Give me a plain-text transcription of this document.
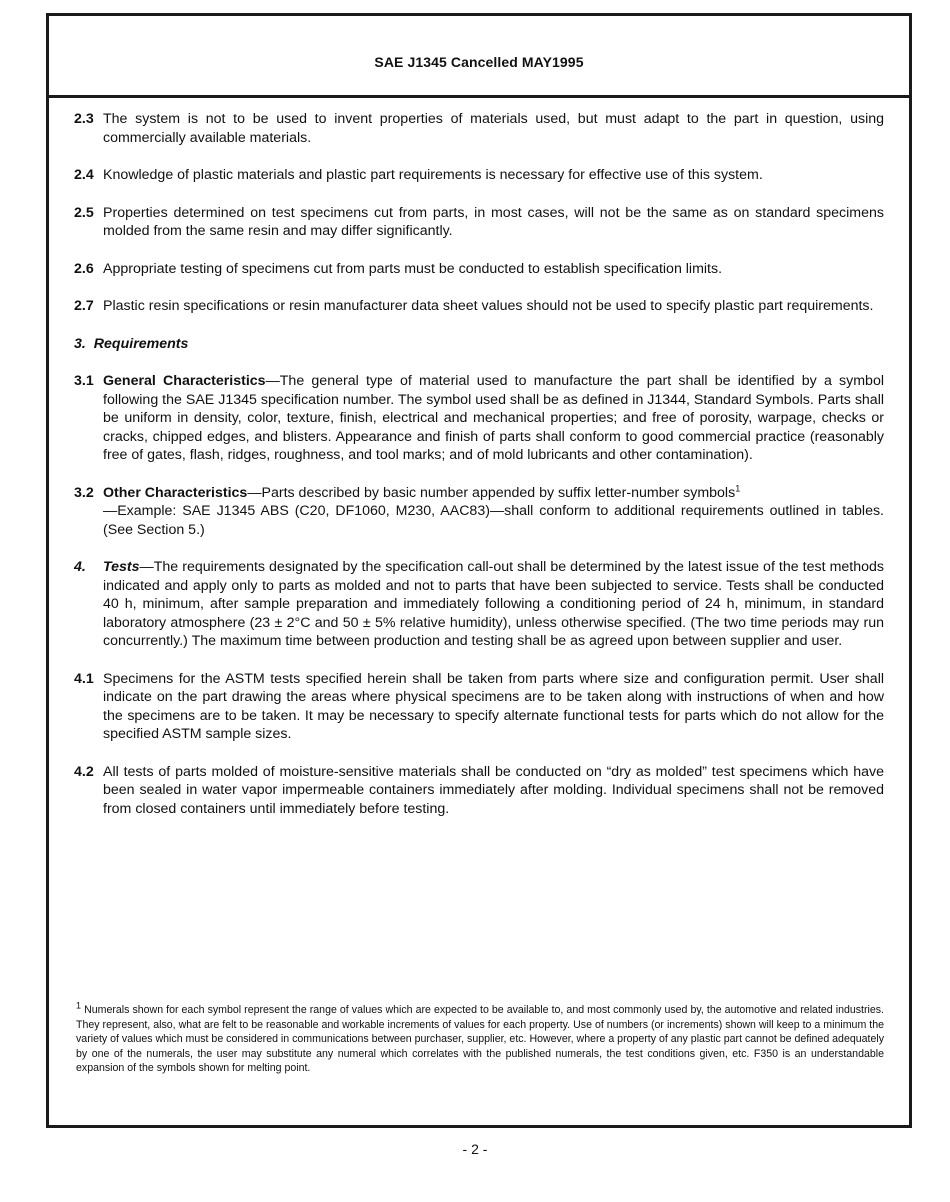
SAE J1345 Cancelled MAY1995

2.3 The system is not to be used to invent properties of materials used, but must adapt to the part in question, using commercially available materials.

2.4 Knowledge of plastic materials and plastic part requirements is necessary for effective use of this system.

2.5 Properties determined on test specimens cut from parts, in most cases, will not be the same as on standard specimens molded from the same resin and may differ significantly.

2.6 Appropriate testing of specimens cut from parts must be conducted to establish specification limits.

2.7 Plastic resin specifications or resin manufacturer data sheet values should not be used to specify plastic part requirements.

3. Requirements

3.1 General Characteristics—The general type of material used to manufacture the part shall be identified by a symbol following the SAE J1345 specification number. The symbol used shall be as defined in J1344, Standard Symbols. Parts shall be uniform in density, color, texture, finish, electrical and mechanical properties; and free of porosity, warpage, checks or cracks, chipped edges, and blisters. Appearance and finish of parts shall conform to good commercial practice (reasonably free of gates, flash, ridges, roughness, and tool marks; and of mold lubricants and other contamination).

3.2 Other Characteristics—Parts described by basic number appended by suffix letter-number symbols$^1$
—Example: SAE J1345 ABS (C20, DF1060, M230, AAC83)—shall conform to additional requirements outlined in tables. (See Section 5.)

4. Tests—The requirements designated by the specification call-out shall be determined by the latest issue of the test methods indicated and apply only to parts as molded and not to parts that have been subjected to service. Tests shall be conducted 40 h, minimum, after sample preparation and immediately following a conditioning period of 24 h, minimum, in standard laboratory atmosphere (23 ± 2°C and 50 ± 5% relative humidity), unless otherwise specified. (The two time periods may run concurrently.) The maximum time between production and testing shall be as agreed upon between supplier and user.

4.1 Specimens for the ASTM tests specified herein shall be taken from parts where size and configuration permit. User shall indicate on the part drawing the areas where physical specimens are to be taken along with instructions of when and how the specimens are to be taken. It may be necessary to specify alternate functional tests for parts which do not allow for the specified ASTM sample sizes.

4.2 All tests of parts molded of moisture-sensitive materials shall be conducted on “dry as molded” test specimens which have been sealed in water vapor impermeable containers immediately after molding. Individual specimens shall not be removed from closed containers until immediately before testing.

$^1$ Numerals shown for each symbol represent the range of values which are expected to be available to, and most commonly used by, the automotive and related industries. They represent, also, what are felt to be reasonable and workable increments of values for each property. Use of numbers (or increments) shown will keep to a minimum the variety of values which must be considered in communications between purchaser, supplier, etc. However, where a property of any plastic part cannot be defined adequately by one of the numerals, the user may substitute any numeral which correlates with the published numerals, the test conditions given, etc. F350 is an understandable expansion of the symbols shown for melting point.
- 2 -
